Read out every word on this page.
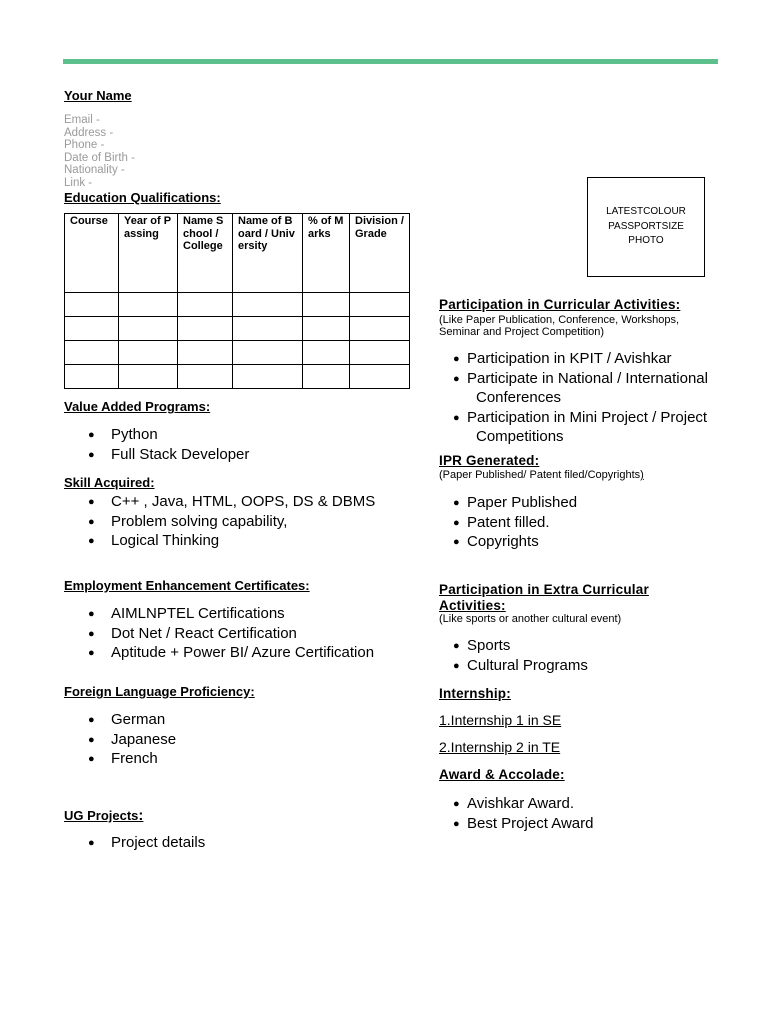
Your Name
Email -
Address -
Phone -
Date of Birth -
Nationality -
Link -
LATESTCOLOUR
PASSPORTSIZE
PHOTO
Education Qualifications:
Course	Year of Passing	Name School / College	Name of Board / University	% of Marks	Division / Grade

Value Added Programs:
● Python
● Full Stack Developer
Skill Acquired:
● C++ , Java, HTML, OOPS, DS & DBMS
● Problem solving capability,
● Logical Thinking
Employment Enhancement Certificates:
● AIMLNPTEL Certifications
● Dot Net / React Certification
● Aptitude + Power BI/ Azure Certification
Foreign Language Proficiency:
● German
● Japanese
● French
UG Projects:
● Project details
Participation in Curricular Activities:
(Like Paper Publication, Conference, Workshops, Seminar and Project Competition)
● Participation in KPIT / Avishkar
● Participate in National / International
Conferences
● Participation in Mini Project / Project
Competitions
IPR Generated:
(Paper Published/ Patent filed/Copyrights)
● Paper Published
● Patent filled.
● Copyrights
Participation in Extra Curricular
Activities:
(Like sports or another cultural event)
● Sports
● Cultural Programs
Internship:
1.Internship 1 in SE
2.Internship 2 in TE
Award & Accolade:
● Avishkar Award.
● Best Project Award
